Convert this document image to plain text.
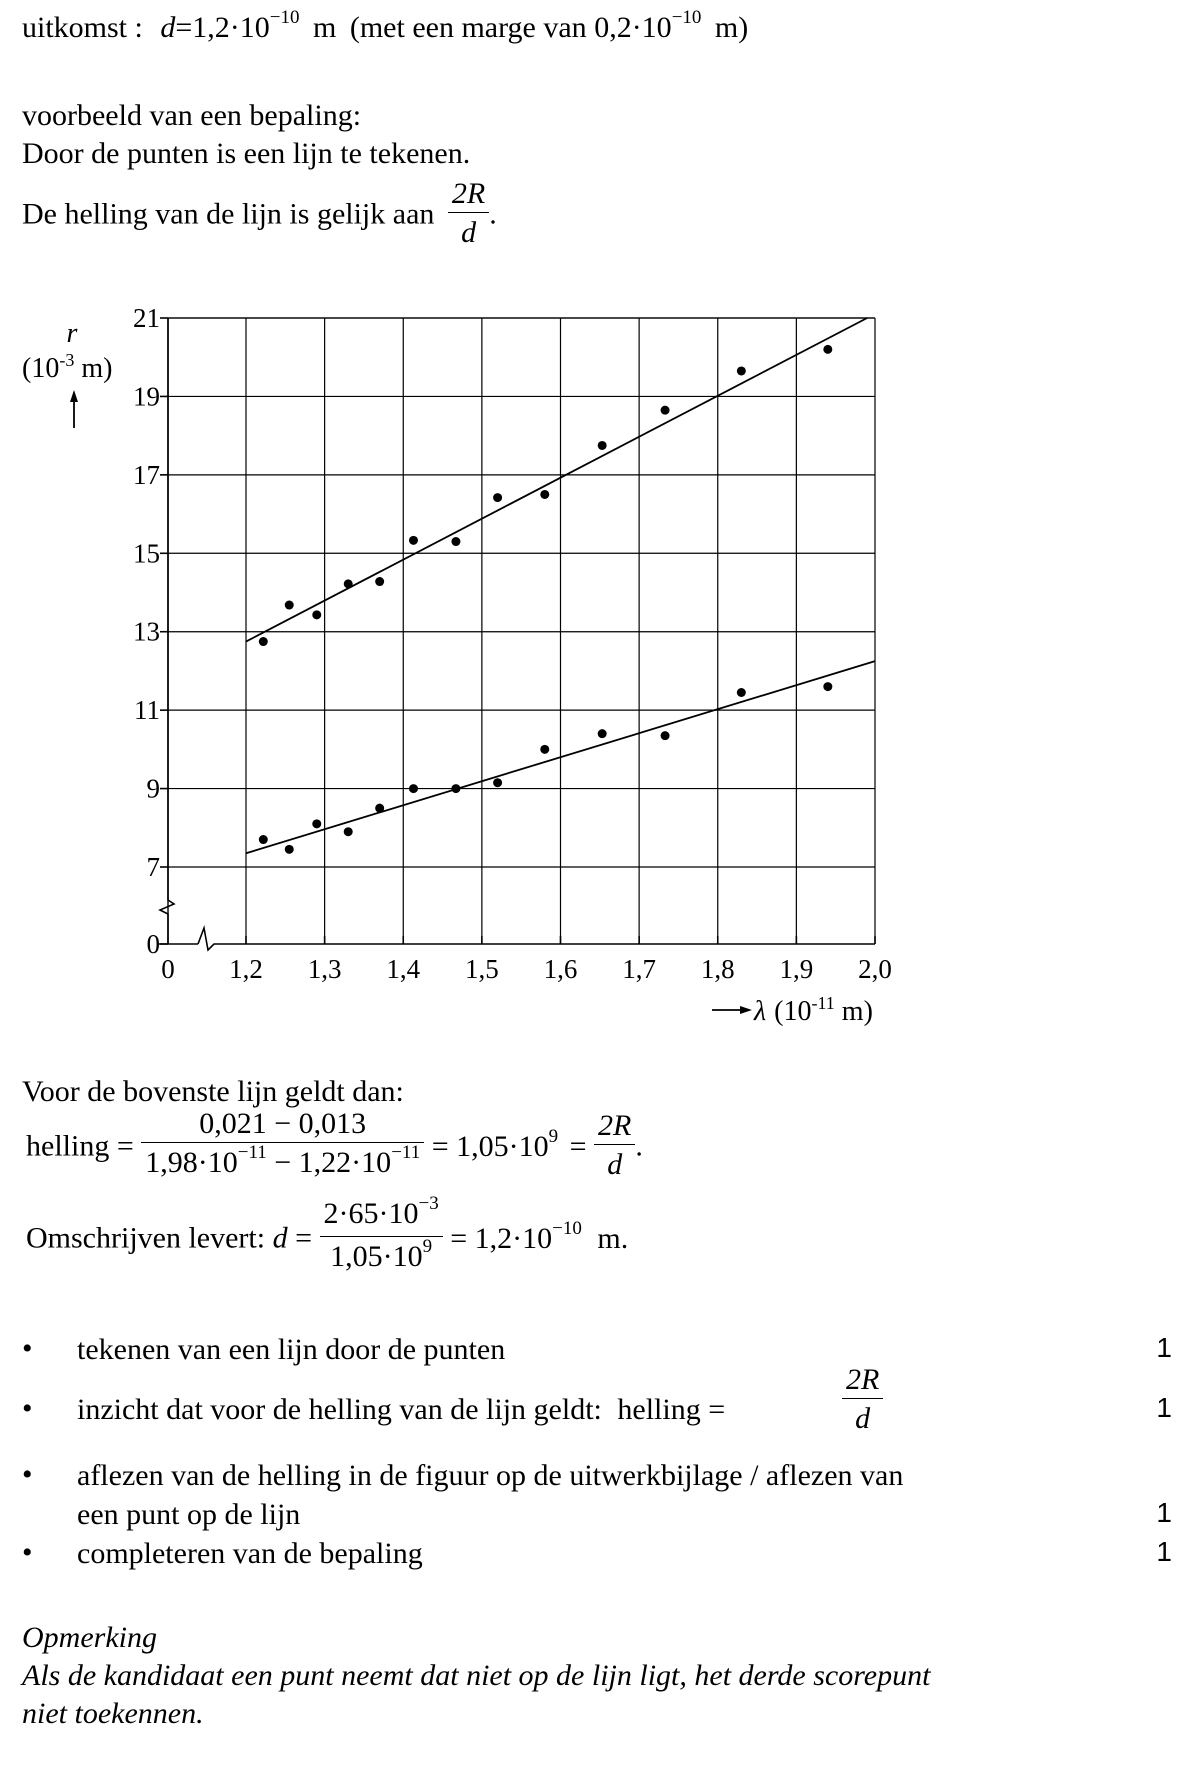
uitkomst : $d=1,2\cdot 10^{-10}$ m (met een marge van $0,2\cdot 10^{-10}$ m)
voorbeeld van een bepaling:
Door de punten is een lijn te tekenen.
De helling van de lijn is gelijk aan $\frac{2R}{d}$ .
1,2 1,3 1,4 1,5 1,6 1,7 1,8 1,9 2,0
0
7
9
11
13
15
17
19
21
0
r
($10^{-3}$ m)
λ ($10^{-11}$ m)
Voor de bovenste lijn geldt dan:
helling = $\frac{0,021 - 0,013}{1,98\cdot 10^{-11} - 1,22\cdot 10^{-11}} = 1,05\cdot 10^9 = \frac{2R}{d}$ .
Omschrijven levert: $d = \frac{2\cdot 65\cdot 10^{-3}}{1,05\cdot 10^9} = 1,2\cdot 10^{-10}$ m.
• tekenen van een lijn door de punten	1
• inzicht dat voor de helling van de lijn geldt: helling =	$\frac{2R}{d}$	1
• aflezen van de helling in de figuur op de uitwerkbijlage / aflezen van
een punt op de lijn	1
• completeren van de bepaling	1
Opmerking
Als de kandidaat een punt neemt dat niet op de lijn ligt, het derde scorepunt
niet toekennen.
